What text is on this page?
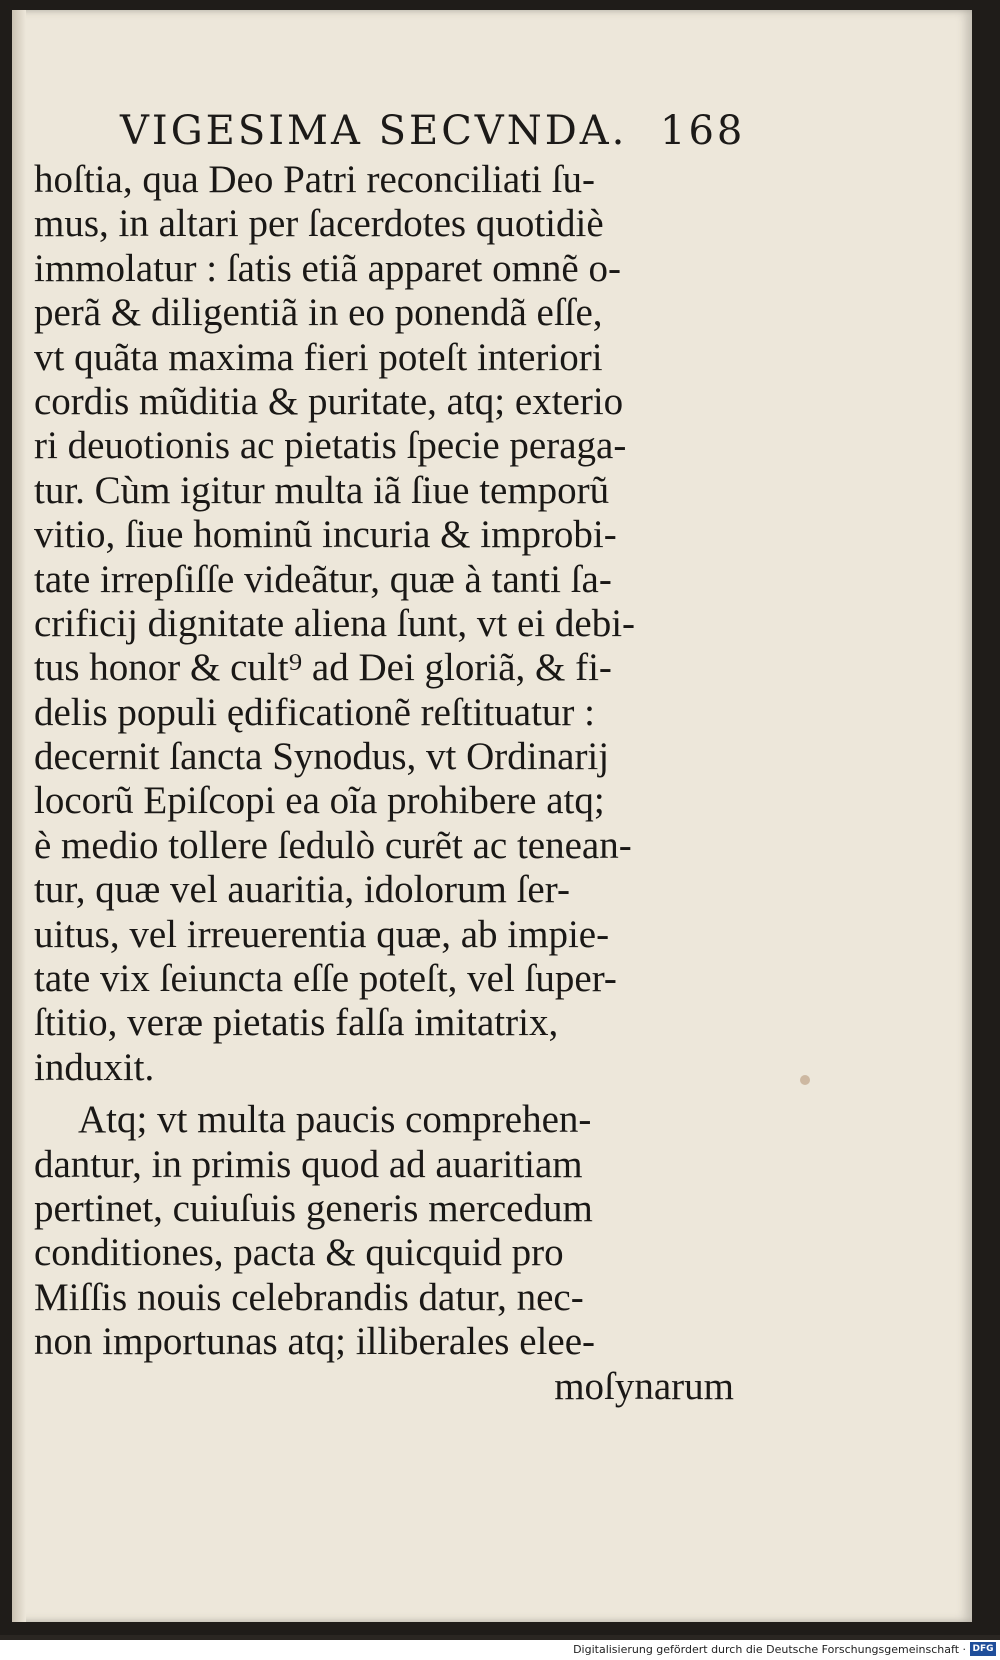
VIGESIMA SECVNDA. 168
hoſtia, qua Deo Patri reconciliati ſu-
mus, in altari per ſacerdotes quotidiè
immolatur : ſatis etiã apparet omnẽ o-
perã & diligentiã in eo ponendã eſſe,
vt quãta maxima fieri poteſt interiori
cordis mũditia & puritate, atq; exterio
ri deuotionis ac pietatis ſpecie peraga-
tur. Cùm igitur multa iã ſiue temporũ
vitio, ſiue hominũ incuria & improbi-
tate irrepſiſſe videãtur, quæ à tanti ſa-
crificij dignitate aliena ſunt, vt ei debi-
tus honor & cult⁹ ad Dei gloriã, & fi-
delis populi ędificationẽ reſtituatur :
decernit ſancta Synodus, vt Ordinarij
locorũ Epiſcopi ea oĩa prohibere atq;
è medio tollere ſedulò curẽt ac tenean-
tur, quæ vel auaritia, idolorum ſer-
uitus, vel irreuerentia quæ, ab impie-
tate vix ſeiuncta eſſe poteſt, vel ſuper-
ſtitio, veræ pietatis falſa imitatrix,
induxit.
Atq; vt multa paucis comprehen-
dantur, in primis quod ad auaritiam
pertinet, cuiuſuis generis mercedum
conditiones, pacta & quicquid pro
Miſſis nouis celebrandis datur, nec-
non importunas atq; illiberales elee-
moſynarum
Digitalisierung gefördert durch die Deutsche Forschungsgemeinschaft · DFG
